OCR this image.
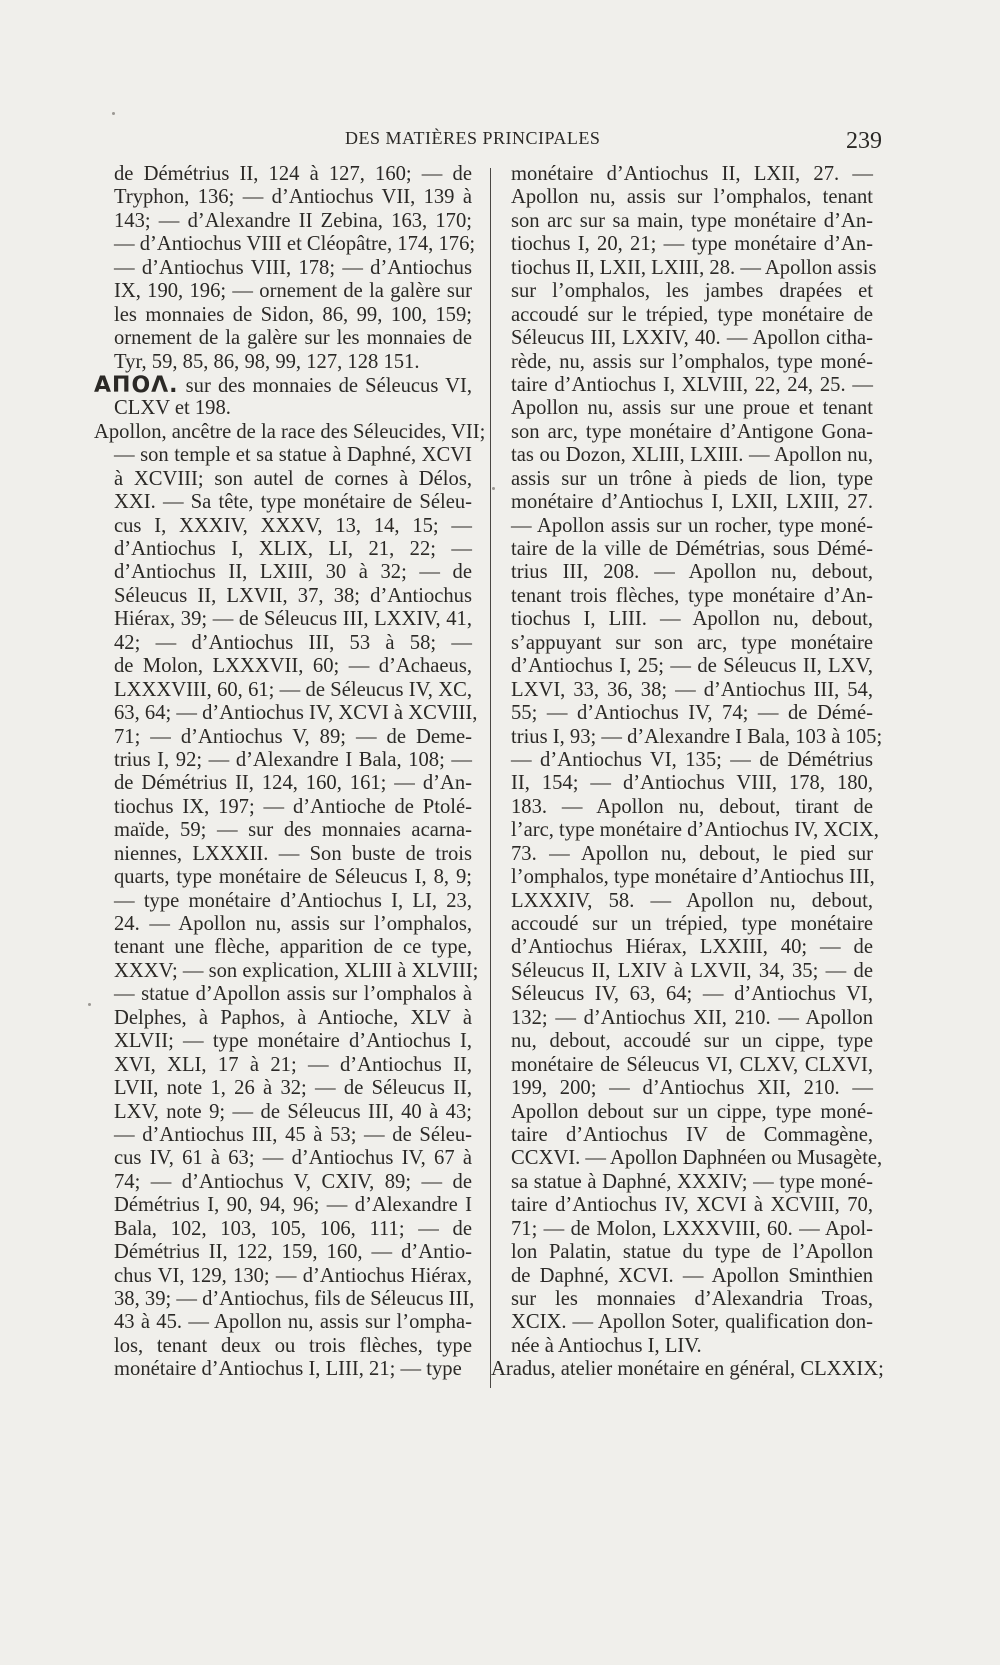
DES MATIÈRES PRINCIPALES	239
de Démétrius II, 124 à 127, 160; — de
Tryphon, 136; — d’Antiochus VII, 139 à
143; — d’Alexandre II Zebina, 163, 170;
— d’Antiochus VIII et Cléopâtre, 174, 176;
— d’Antiochus VIII, 178; — d’Antiochus
IX, 190, 196; — ornement de la galère sur
les monnaies de Sidon, 86, 99, 100, 159;
ornement de la galère sur les monnaies de
Tyr, 59, 85, 86, 98, 99, 127, 128 151.
ΑΠΟΛ. sur des monnaies de Séleucus VI,
CLXV et 198.
Apollon, ancêtre de la race des Séleucides, VII;
— son temple et sa statue à Daphné, XCVI
à XCVIII; son autel de cornes à Délos,
XXI. — Sa tête, type monétaire de Séleu-
cus I, XXXIV, XXXV, 13, 14, 15; —
d’Antiochus I, XLIX, LI, 21, 22; —
d’Antiochus II, LXIII, 30 à 32; — de
Séleucus II, LXVII, 37, 38; d’Antiochus
Hiérax, 39; — de Séleucus III, LXXIV, 41,
42; — d’Antiochus III, 53 à 58; —
de Molon, LXXXVII, 60; — d’Achaeus,
LXXXVIII, 60, 61; — de Séleucus IV, XC,
63, 64; — d’Antiochus IV, XCVI à XCVIII,
71; — d’Antiochus V, 89; — de Deme-
trius I, 92; — d’Alexandre I Bala, 108; —
de Démétrius II, 124, 160, 161; — d’An-
tiochus IX, 197; — d’Antioche de Ptolé-
maïde, 59; — sur des monnaies acarna-
niennes, LXXXII. — Son buste de trois
quarts, type monétaire de Séleucus I, 8, 9;
— type monétaire d’Antiochus I, LI, 23,
24. — Apollon nu, assis sur l’omphalos,
tenant une flèche, apparition de ce type,
XXXV; — son explication, XLIII à XLVIII;
— statue d’Apollon assis sur l’omphalos à
Delphes, à Paphos, à Antioche, XLV à
XLVII; — type monétaire d’Antiochus I,
XVI, XLI, 17 à 21; — d’Antiochus II,
LVII, note 1, 26 à 32; — de Séleucus II,
LXV, note 9; — de Séleucus III, 40 à 43;
— d’Antiochus III, 45 à 53; — de Séleu-
cus IV, 61 à 63; — d’Antiochus IV, 67 à
74; — d’Antiochus V, CXIV, 89; — de
Démétrius I, 90, 94, 96; — d’Alexandre I
Bala, 102, 103, 105, 106, 111; — de
Démétrius II, 122, 159, 160, — d’Antio-
chus VI, 129, 130; — d’Antiochus Hiérax,
38, 39; — d’Antiochus, fils de Séleucus III,
43 à 45. — Apollon nu, assis sur l’ompha-
los, tenant deux ou trois flèches, type
monétaire d’Antiochus I, LIII, 21; — type
monétaire d’Antiochus II, LXII, 27. —
Apollon nu, assis sur l’omphalos, tenant
son arc sur sa main, type monétaire d’An-
tiochus I, 20, 21; — type monétaire d’An-
tiochus II, LXII, LXIII, 28. — Apollon assis
sur l’omphalos, les jambes drapées et
accoudé sur le trépied, type monétaire de
Séleucus III, LXXIV, 40. — Apollon citha-
rède, nu, assis sur l’omphalos, type moné-
taire d’Antiochus I, XLVIII, 22, 24, 25. —
Apollon nu, assis sur une proue et tenant
son arc, type monétaire d’Antigone Gona-
tas ou Dozon, XLIII, LXIII. — Apollon nu,
assis sur un trône à pieds de lion, type
monétaire d’Antiochus I, LXII, LXIII, 27.
— Apollon assis sur un rocher, type moné-
taire de la ville de Démétrias, sous Démé-
trius III, 208. — Apollon nu, debout,
tenant trois flèches, type monétaire d’An-
tiochus I, LIII. — Apollon nu, debout,
s’appuyant sur son arc, type monétaire
d’Antiochus I, 25; — de Séleucus II, LXV,
LXVI, 33, 36, 38; — d’Antiochus III, 54,
55; — d’Antiochus IV, 74; — de Démé-
trius I, 93; — d’Alexandre I Bala, 103 à 105;
— d’Antiochus VI, 135; — de Démétrius
II, 154; — d’Antiochus VIII, 178, 180,
183. — Apollon nu, debout, tirant de
l’arc, type monétaire d’Antiochus IV, XCIX,
73. — Apollon nu, debout, le pied sur
l’omphalos, type monétaire d’Antiochus III,
LXXXIV, 58. — Apollon nu, debout,
accoudé sur un trépied, type monétaire
d’Antiochus Hiérax, LXXIII, 40; — de
Séleucus II, LXIV à LXVII, 34, 35; — de
Séleucus IV, 63, 64; — d’Antiochus VI,
132; — d’Antiochus XII, 210. — Apollon
nu, debout, accoudé sur un cippe, type
monétaire de Séleucus VI, CLXV, CLXVI,
199, 200; — d’Antiochus XII, 210. —
Apollon debout sur un cippe, type moné-
taire d’Antiochus IV de Commagène,
CCXVI. — Apollon Daphnéen ou Musagète,
sa statue à Daphné, XXXIV; — type moné-
taire d’Antiochus IV, XCVI à XCVIII, 70,
71; — de Molon, LXXXVIII, 60. — Apol-
lon Palatin, statue du type de l’Apollon
de Daphné, XCVI. — Apollon Sminthien
sur les monnaies d’Alexandria Troas,
XCIX. — Apollon Soter, qualification don-
née à Antiochus I, LIV.
Aradus, atelier monétaire en général, CLXXIX;
